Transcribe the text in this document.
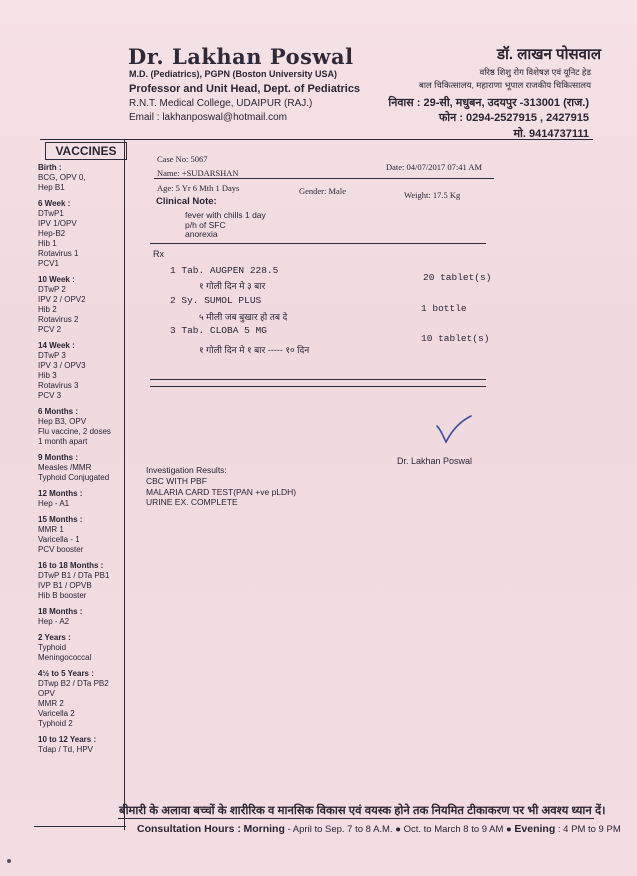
Dr. Lakhan Poswal
M.D. (Pediatrics), PGPN (Boston University USA)
Professor and Unit Head, Dept. of Pediatrics
R.N.T. Medical College, UDAIPUR (RAJ.)
Email : lakhanposwal@hotmail.com
डॉ. लाखन पोसवाल
वरिष्ठ शिशु रोग विशेषज्ञ एवं यूनिट हेड
बाल चिकित्सालय, महाराणा भूपाल राजकीय चिकित्सालय
निवास : 29-सी, मधुबन, उदयपुर -313001 (राज.)
फोन : 0294-2527915 , 2427915
मो. 9414737111
VACCINES
Birth :
BCG, OPV 0,
Hep B1
6 Week :
DTwP1
IPV 1/OPV
Hep-B2
Hib 1
Rotavirus 1
PCV1
10 Week :
DTwP 2
IPV 2 / OPV2
Hib 2
Rotavirus 2
PCV 2
14 Week :
DTwP 3
IPV 3 / OPV3
Hib 3
Rotavirus 3
PCV 3
6 Months :
Hep B3, OPV
Flu vaccine, 2 doses
1 month apart
9 Months :
Measles /MMR
Typhoid Conjugated
12 Months :
Hep - A1
15 Months :
MMR 1
Varicella - 1
PCV booster
16 to 18 Months :
DTwP B1 / DTa PB1
IVP B1 / OPVB
Hib B booster
18 Months :
Hep - A2
2 Years :
Typhoid
Meningococcal
4½ to 5 Years :
DTwp B2 / DTa PB2
OPV
MMR 2
Varicella 2
Typhoid 2
10 to 12 Years :
Tdap / Td, HPV
Case No: 5067
Date: 04/07/2017 07:41 AM
Name: +SUDARSHAN
Age: 5 Yr 6 Mth 1 Days	Gender: Male	Weight: 17.5 Kg
Clinical Note:
fever with chills 1 day
p/h of SFC
anorexia
Rx
1 Tab. AUGPEN 228.5
१ गोली दिन मे ३ बार
20 tablet(s)
2 Sy. SUMOL PLUS
५ मीली जब बुखार हो तब दे
1 bottle
3 Tab. CLOBA 5 MG
१ गोली दिन मे १ बार ----- १० दिन
10 tablet(s)
Dr. Lakhan Poswal
Investigation Results:
CBC WITH PBF
MALARIA CARD TEST(PAN +ve pLDH)
URINE EX. COMPLETE
बीमारी के अलावा बच्चों के शारीरिक व मानसिक विकास एवं वयस्क होने तक नियमित टीकाकरण पर भी अवश्य ध्यान दें।
Consultation Hours : Morning - April to Sep. 7 to 8 A.M. ● Oct. to March 8 to 9 AM ● Evening : 4 PM to 9 PM
